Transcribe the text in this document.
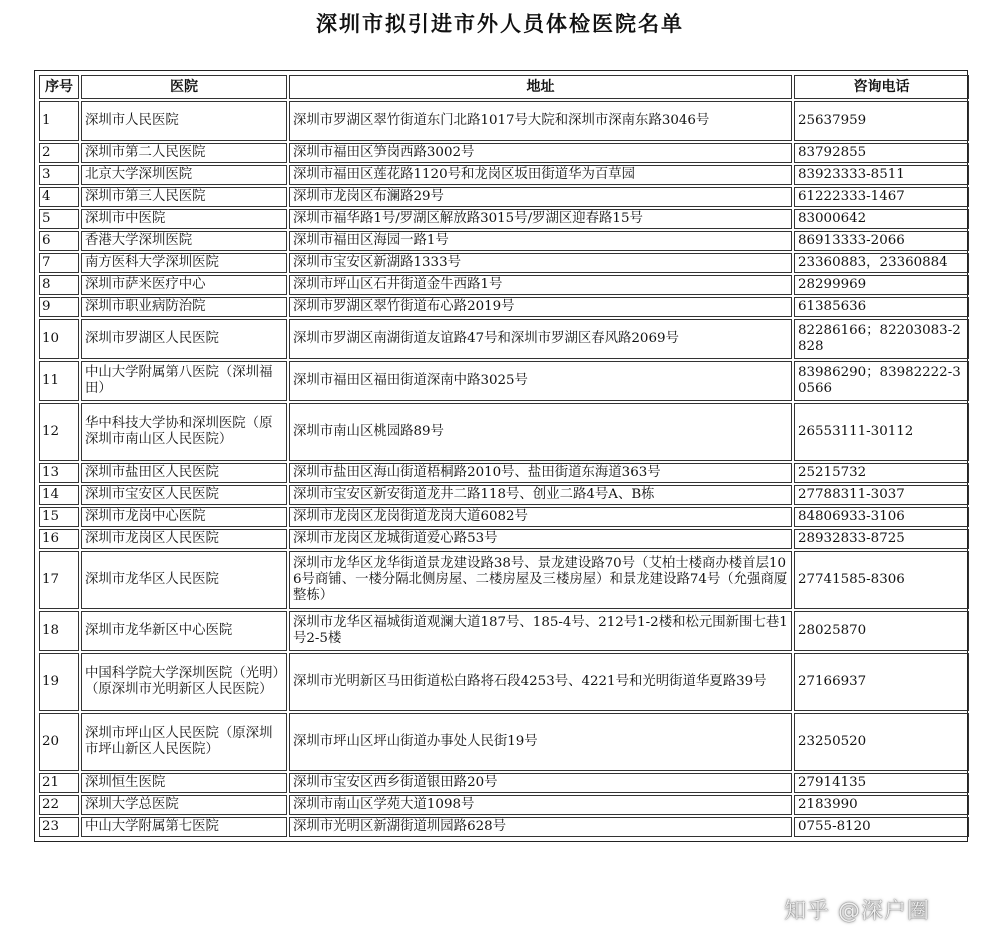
深圳市拟引进市外人员体检医院名单
序号	医院	地址	咨询电话
1	深圳市人民医院	深圳市罗湖区翠竹街道东门北路1017号大院和深圳市深南东路3046号	25637959
2	深圳市第二人民医院	深圳市福田区笋岗西路3002号	83792855
3	北京大学深圳医院	深圳市福田区莲花路1120号和龙岗区坂田街道华为百草园	83923333-8511
4	深圳市第三人民医院	深圳市龙岗区布澜路29号	61222333-1467
5	深圳市中医院	深圳市福华路1号/罗湖区解放路3015号/罗湖区迎春路15号	83000642
6	香港大学深圳医院	深圳市福田区海园一路1号	86913333-2066
7	南方医科大学深圳医院	深圳市宝安区新湖路1333号	23360883，23360884
8	深圳市萨米医疗中心	深圳市坪山区石井街道金牛西路1号	28299969
9	深圳市职业病防治院	深圳市罗湖区翠竹街道布心路2019号	61385636
10	深圳市罗湖区人民医院	深圳市罗湖区南湖街道友谊路47号和深圳市罗湖区春风路2069号	82286166；82203083-2828
11	中山大学附属第八医院（深圳福田）	深圳市福田区福田街道深南中路3025号	83986290；83982222-30566
12	华中科技大学协和深圳医院（原深圳市南山区人民医院）	深圳市南山区桃园路89号	26553111-30112
13	深圳市盐田区人民医院	深圳市盐田区海山街道梧桐路2010号、盐田街道东海道363号	25215732
14	深圳市宝安区人民医院	深圳市宝安区新安街道龙井二路118号、创业二路4号A、B栋	27788311-3037
15	深圳市龙岗中心医院	深圳市龙岗区龙岗街道龙岗大道6082号	84806933-3106
16	深圳市龙岗区人民医院	深圳市龙岗区龙城街道爱心路53号	28932833-8725
17	深圳市龙华区人民医院	深圳市龙华区龙华街道景龙建设路38号、景龙建设路70号（艾柏士楼商办楼首层106号商铺、一楼分隔北侧房屋、二楼房屋及三楼房屋）和景龙建设路74号（允强商厦整栋）	27741585-8306
18	深圳市龙华新区中心医院	深圳市龙华区福城街道观澜大道187号、185-4号、212号1-2楼和松元围新围七巷1号2-5楼	28025870
19	中国科学院大学深圳医院（光明）（原深圳市光明新区人民医院）	深圳市光明新区马田街道松白路将石段4253号、4221号和光明街道华夏路39号	27166937
20	深圳市坪山区人民医院（原深圳市坪山新区人民医院）	深圳市坪山区坪山街道办事处人民街19号	23250520
21	深圳恒生医院	深圳市宝安区西乡街道银田路20号	27914135
22	深圳大学总医院	深圳市南山区学苑大道1098号	2183990
23	中山大学附属第七医院	深圳市光明区新湖街道圳园路628号	0755-8120
知乎 @深户圈
